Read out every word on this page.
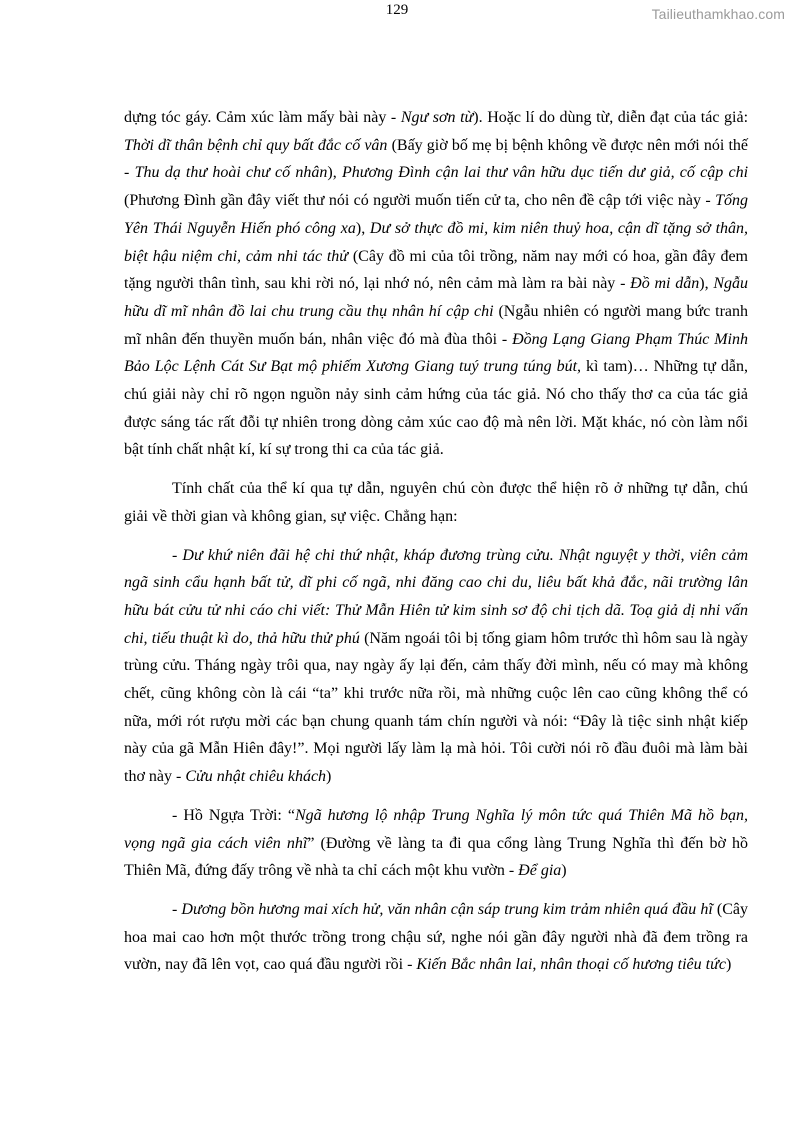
129	Tailieuthamkhao.com

dựng tóc gáy. Cảm xúc làm mấy bài này - Ngư sơn từ). Hoặc lí do dùng từ, diễn đạt của tác giả: Thời dĩ thân bệnh chỉ quy bất đắc cố vân (Bấy giờ bố mẹ bị bệnh không về được nên mới nói thế - Thu dạ thư hoài chư cố nhân), Phương Đình cận lai thư vân hữu dục tiến dư giả, cố cập chi (Phương Đình gần đây viết thư nói có người muốn tiến cử ta, cho nên đề cập tới việc này - Tống Yên Thái Nguyễn Hiến phó công xa), Dư sở thực đồ mi, kim niên thuỷ hoa, cận dĩ tặng sở thân, biệt hậu niệm chi, cảm nhi tác thử (Cây đồ mi của tôi trồng, năm nay mới có hoa, gần đây đem tặng người thân tình, sau khi rời nó, lại nhớ nó, nên cảm mà làm ra bài này - Đồ mi dẫn), Ngẫu hữu dĩ mĩ nhân đồ lai chu trung cầu thụ nhân hí cập chi (Ngẫu nhiên có người mang bức tranh mĩ nhân đến thuyền muốn bán, nhân việc đó mà đùa thôi - Đồng Lạng Giang Phạm Thúc Minh Bảo Lộc Lệnh Cát Sư Bạt mộ phiếm Xương Giang tuý trung túng bút, kì tam)… Những tự dẫn, chú giải này chỉ rõ ngọn nguồn nảy sinh cảm hứng của tác giả. Nó cho thấy thơ ca của tác giả được sáng tác rất đỗi tự nhiên trong dòng cảm xúc cao độ mà nên lời. Mặt khác, nó còn làm nổi bật tính chất nhật kí, kí sự trong thi ca của tác giả.

Tính chất của thể kí qua tự dẫn, nguyên chú còn được thể hiện rõ ở những tự dẫn, chú giải về thời gian và không gian, sự việc. Chẳng hạn:

- Dư khứ niên đãi hệ chi thứ nhật, kháp đương trùng cửu. Nhật nguyệt y thời, viên cảm ngã sinh cẩu hạnh bất tử, dĩ phi cố ngã, nhi đăng cao chi du, liêu bất khả đắc, nãi trường lân hữu bát cửu tử nhi cáo chi viết: Thử Mẫn Hiên tử kim sinh sơ độ chi tịch dã. Toạ giả dị nhi vấn chi, tiếu thuật kì do, thả hữu thử phú (Năm ngoái tôi bị tống giam hôm trước thì hôm sau là ngày trùng cửu. Tháng ngày trôi qua, nay ngày ấy lại đến, cảm thấy đời mình, nếu có may mà không chết, cũng không còn là cái “ta” khi trước nữa rồi, mà những cuộc lên cao cũng không thể có nữa, mới rót rượu mời các bạn chung quanh tám chín người và nói: “Đây là tiệc sinh nhật kiếp này của gã Mẫn Hiên đây!”. Mọi người lấy làm lạ mà hỏi. Tôi cười nói rõ đầu đuôi mà làm bài thơ này - Cửu nhật chiêu khách)

- Hồ Ngựa Trời: “Ngã hương lộ nhập Trung Nghĩa lý môn tức quá Thiên Mã hồ bạn, vọng ngã gia cách viên nhĩ” (Đường về làng ta đi qua cổng làng Trung Nghĩa thì đến bờ hồ Thiên Mã, đứng đấy trông về nhà ta chỉ cách một khu vườn - Để gia)

- Dương bồn hương mai xích hử, văn nhân cận sáp trung kim trảm nhiên quá đầu hĩ (Cây hoa mai cao hơn một thước trồng trong chậu sứ, nghe nói gần đây người nhà đã đem trồng ra vườn, nay đã lên vọt, cao quá đầu người rồi - Kiến Bắc nhân lai, nhân thoại cố hương tiêu tức)
